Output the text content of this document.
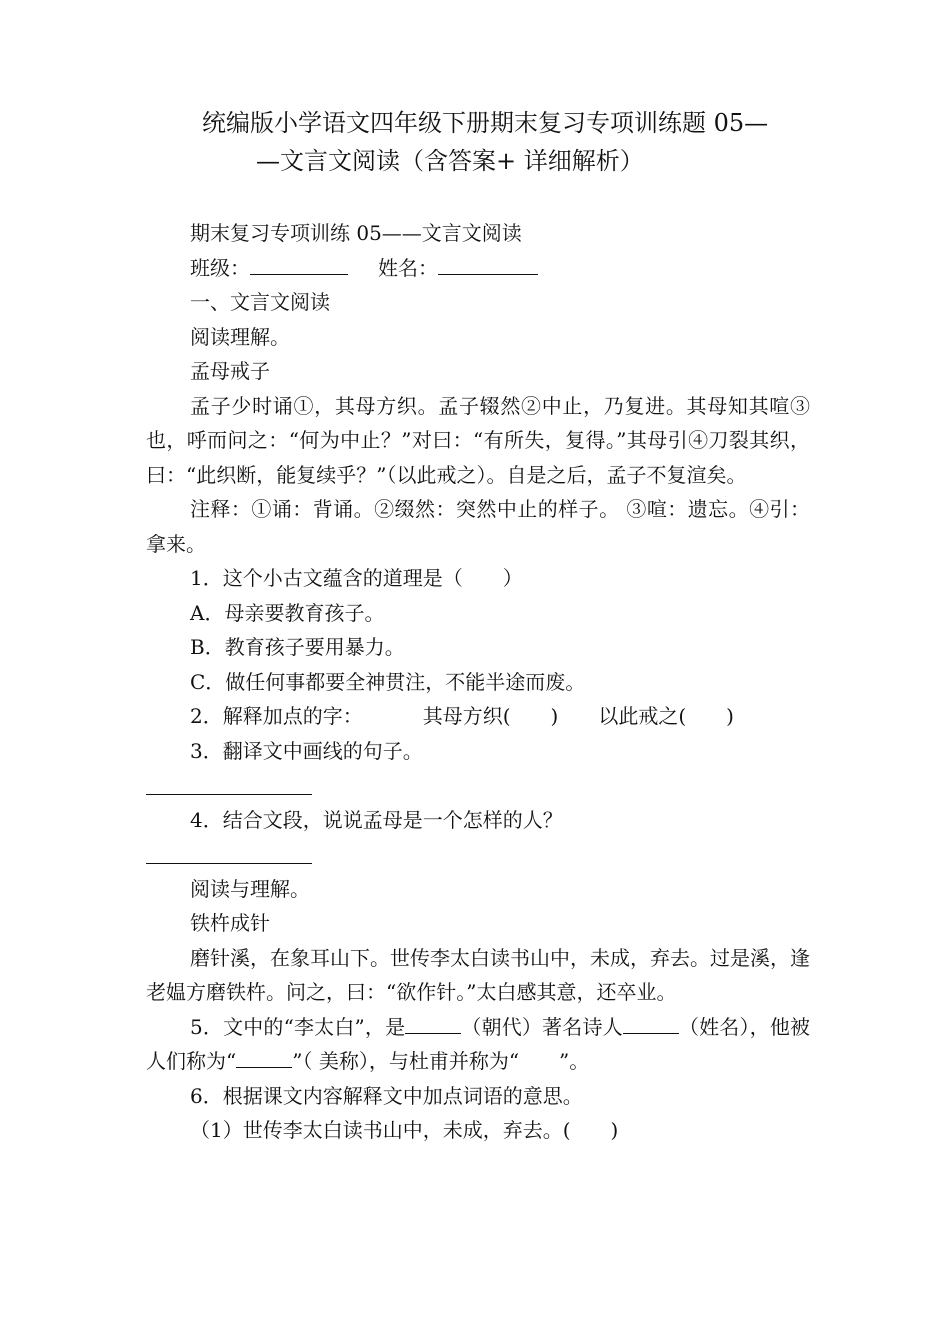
统编版小学语文四年级下册期末复习专项训练题 05—
—文言文阅读（含答案+ 详细解析）
期末复习专项训练 05——文言文阅读
班级：	姓名：
一、文言文阅读
阅读理解。
孟母戒子
孟子少时诵①，其母方织。孟子辍然②中止，乃复进。其母知其喧③也，呼而问之：“何为中止？”对曰：“有所失，复得。”其母引④刀裂其织，曰：“此织断，能复续乎？”（以此戒之）。自是之后，孟子不复渲矣。
注释：①诵：背诵。②缀然：突然中止的样子。 ③喧：遗忘。④引：拿来。
1．这个小古文蕴含的道理是（　　）
A．母亲要教育孩子。
B．教育孩子要用暴力。
C．做任何事都要全神贯注，不能半途而废。
2．解释加点的字：	其母方织(　　) 以此戒之(　　)
3．翻译文中画线的句子。
4．结合文段，说说孟母是一个怎样的人？
阅读与理解。
铁杵成针
磨针溪，在象耳山下。世传李太白读书山中，未成，弃去。过是溪，逢老媪方磨铁杵。问之，曰：“欲作针。”太白感其意，还卒业。
5．文中的“李太白”，是	（朝代）著名诗人	（姓名），他被人们称为“	”（ 美称），与杜甫并称为“　　”。
6．根据课文内容解释文中加点词语的意思。
（1）世传李太白读书山中，未成，弃去。(　　)
